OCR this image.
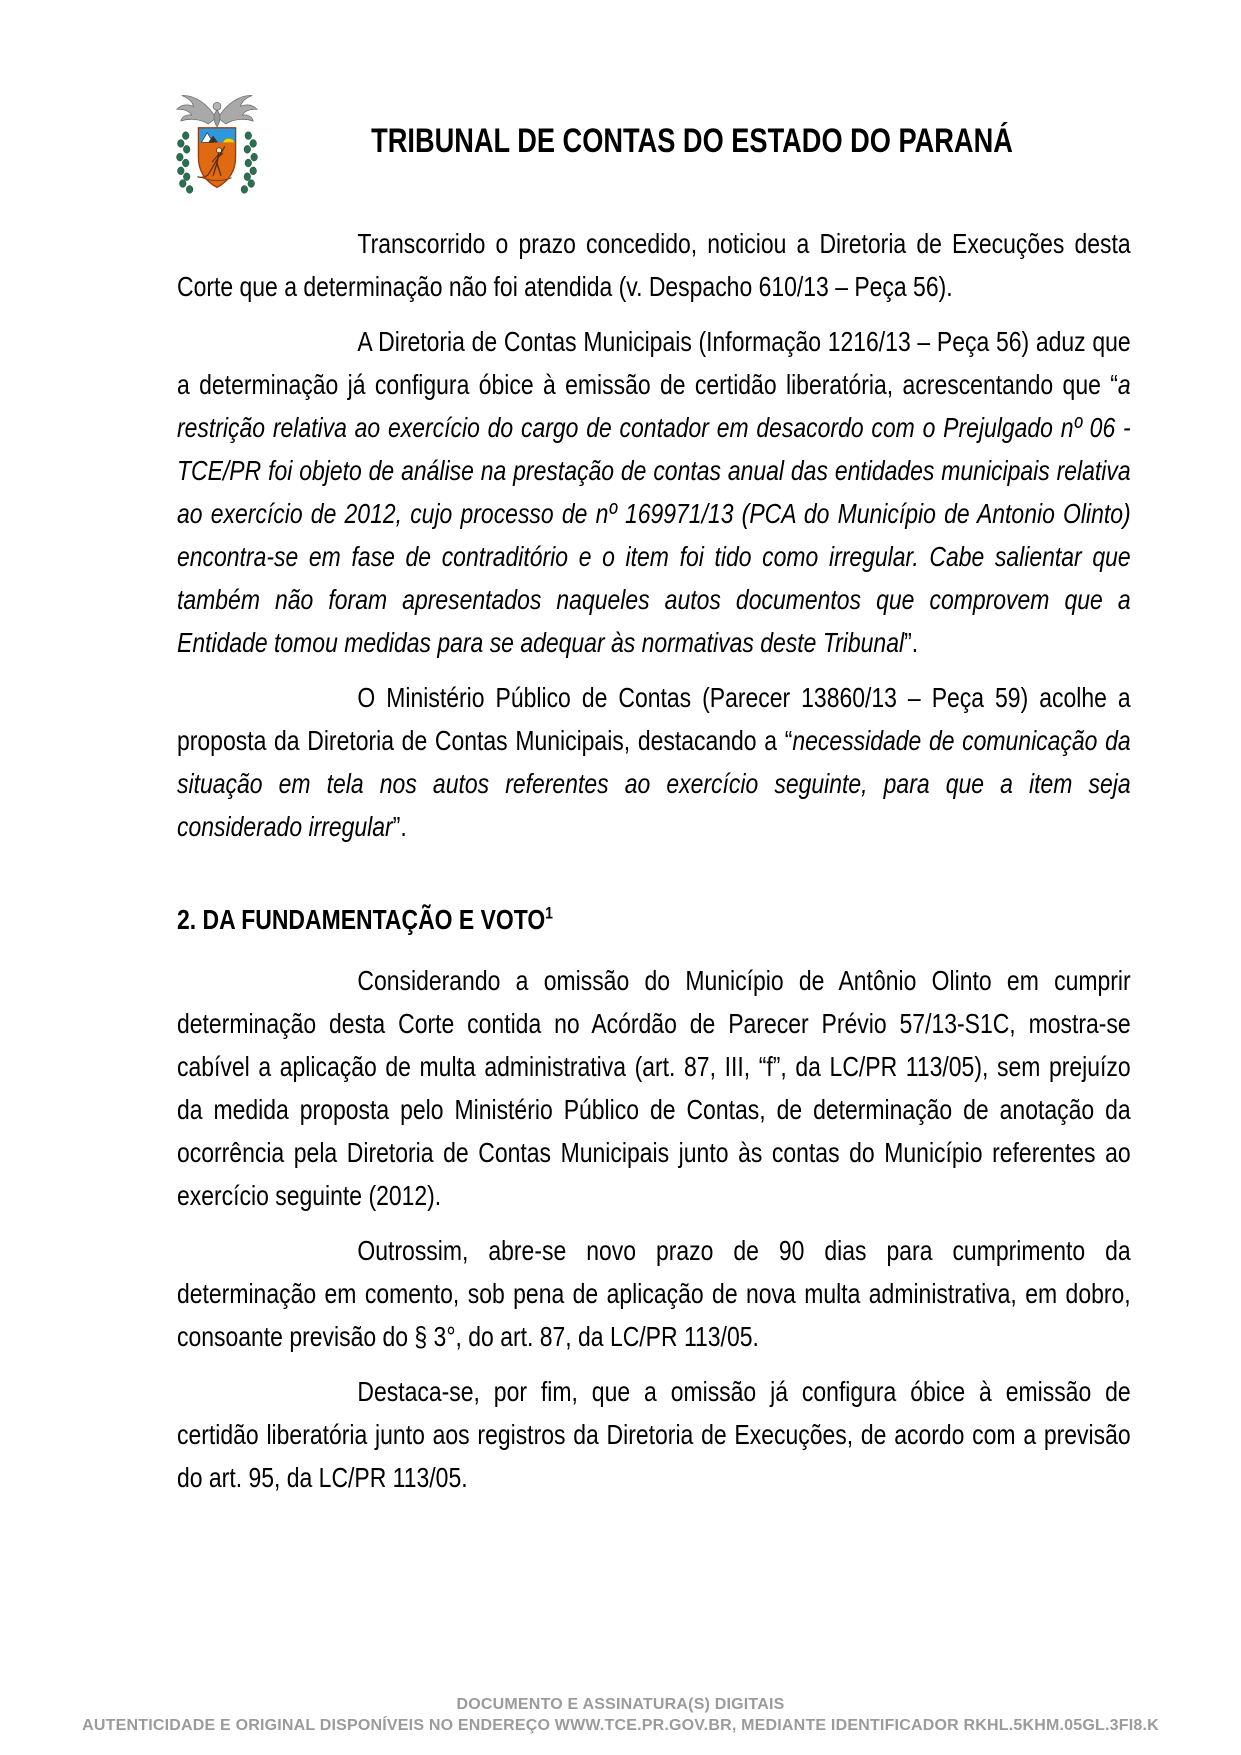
TRIBUNAL DE CONTAS DO ESTADO DO PARANÁ

Transcorrido o prazo concedido, noticiou a Diretoria de Execuções desta Corte que a determinação não foi atendida (v. Despacho 610/13 – Peça 56).

A Diretoria de Contas Municipais (Informação 1216/13 – Peça 56) aduz que a determinação já configura óbice à emissão de certidão liberatória, acrescentando que “a restrição relativa ao exercício do cargo de contador em desacordo com o Prejulgado nº 06 - TCE/PR foi objeto de análise na prestação de contas anual das entidades municipais relativa ao exercício de 2012, cujo processo de nº 169971/13 (PCA do Município de Antonio Olinto) encontra-se em fase de contraditório e o item foi tido como irregular. Cabe salientar que também não foram apresentados naqueles autos documentos que comprovem que a Entidade tomou medidas para se adequar às normativas deste Tribunal”.

O Ministério Público de Contas (Parecer 13860/13 – Peça 59) acolhe a proposta da Diretoria de Contas Municipais, destacando a “necessidade de comunicação da situação em tela nos autos referentes ao exercício seguinte, para que a item seja considerado irregular”.

2. DA FUNDAMENTAÇÃO E VOTO$^1$

Considerando a omissão do Município de Antônio Olinto em cumprir determinação desta Corte contida no Acórdão de Parecer Prévio 57/13-S1C, mostra-se cabível a aplicação de multa administrativa (art. 87, III, “f”, da LC/PR 113/05), sem prejuízo da medida proposta pelo Ministério Público de Contas, de determinação de anotação da ocorrência pela Diretoria de Contas Municipais junto às contas do Município referentes ao exercício seguinte (2012).

Outrossim, abre-se novo prazo de 90 dias para cumprimento da determinação em comento, sob pena de aplicação de nova multa administrativa, em dobro, consoante previsão do § 3°, do art. 87, da LC/PR 113/05.

Destaca-se, por fim, que a omissão já configura óbice à emissão de certidão liberatória junto aos registros da Diretoria de Execuções, de acordo com a previsão do art. 95, da LC/PR 113/05.

DOCUMENTO E ASSINATURA(S) DIGITAIS
AUTENTICIDADE E ORIGINAL DISPONÍVEIS NO ENDEREÇO WWW.TCE.PR.GOV.BR, MEDIANTE IDENTIFICADOR RKHL.5KHM.05GL.3FI8.K
